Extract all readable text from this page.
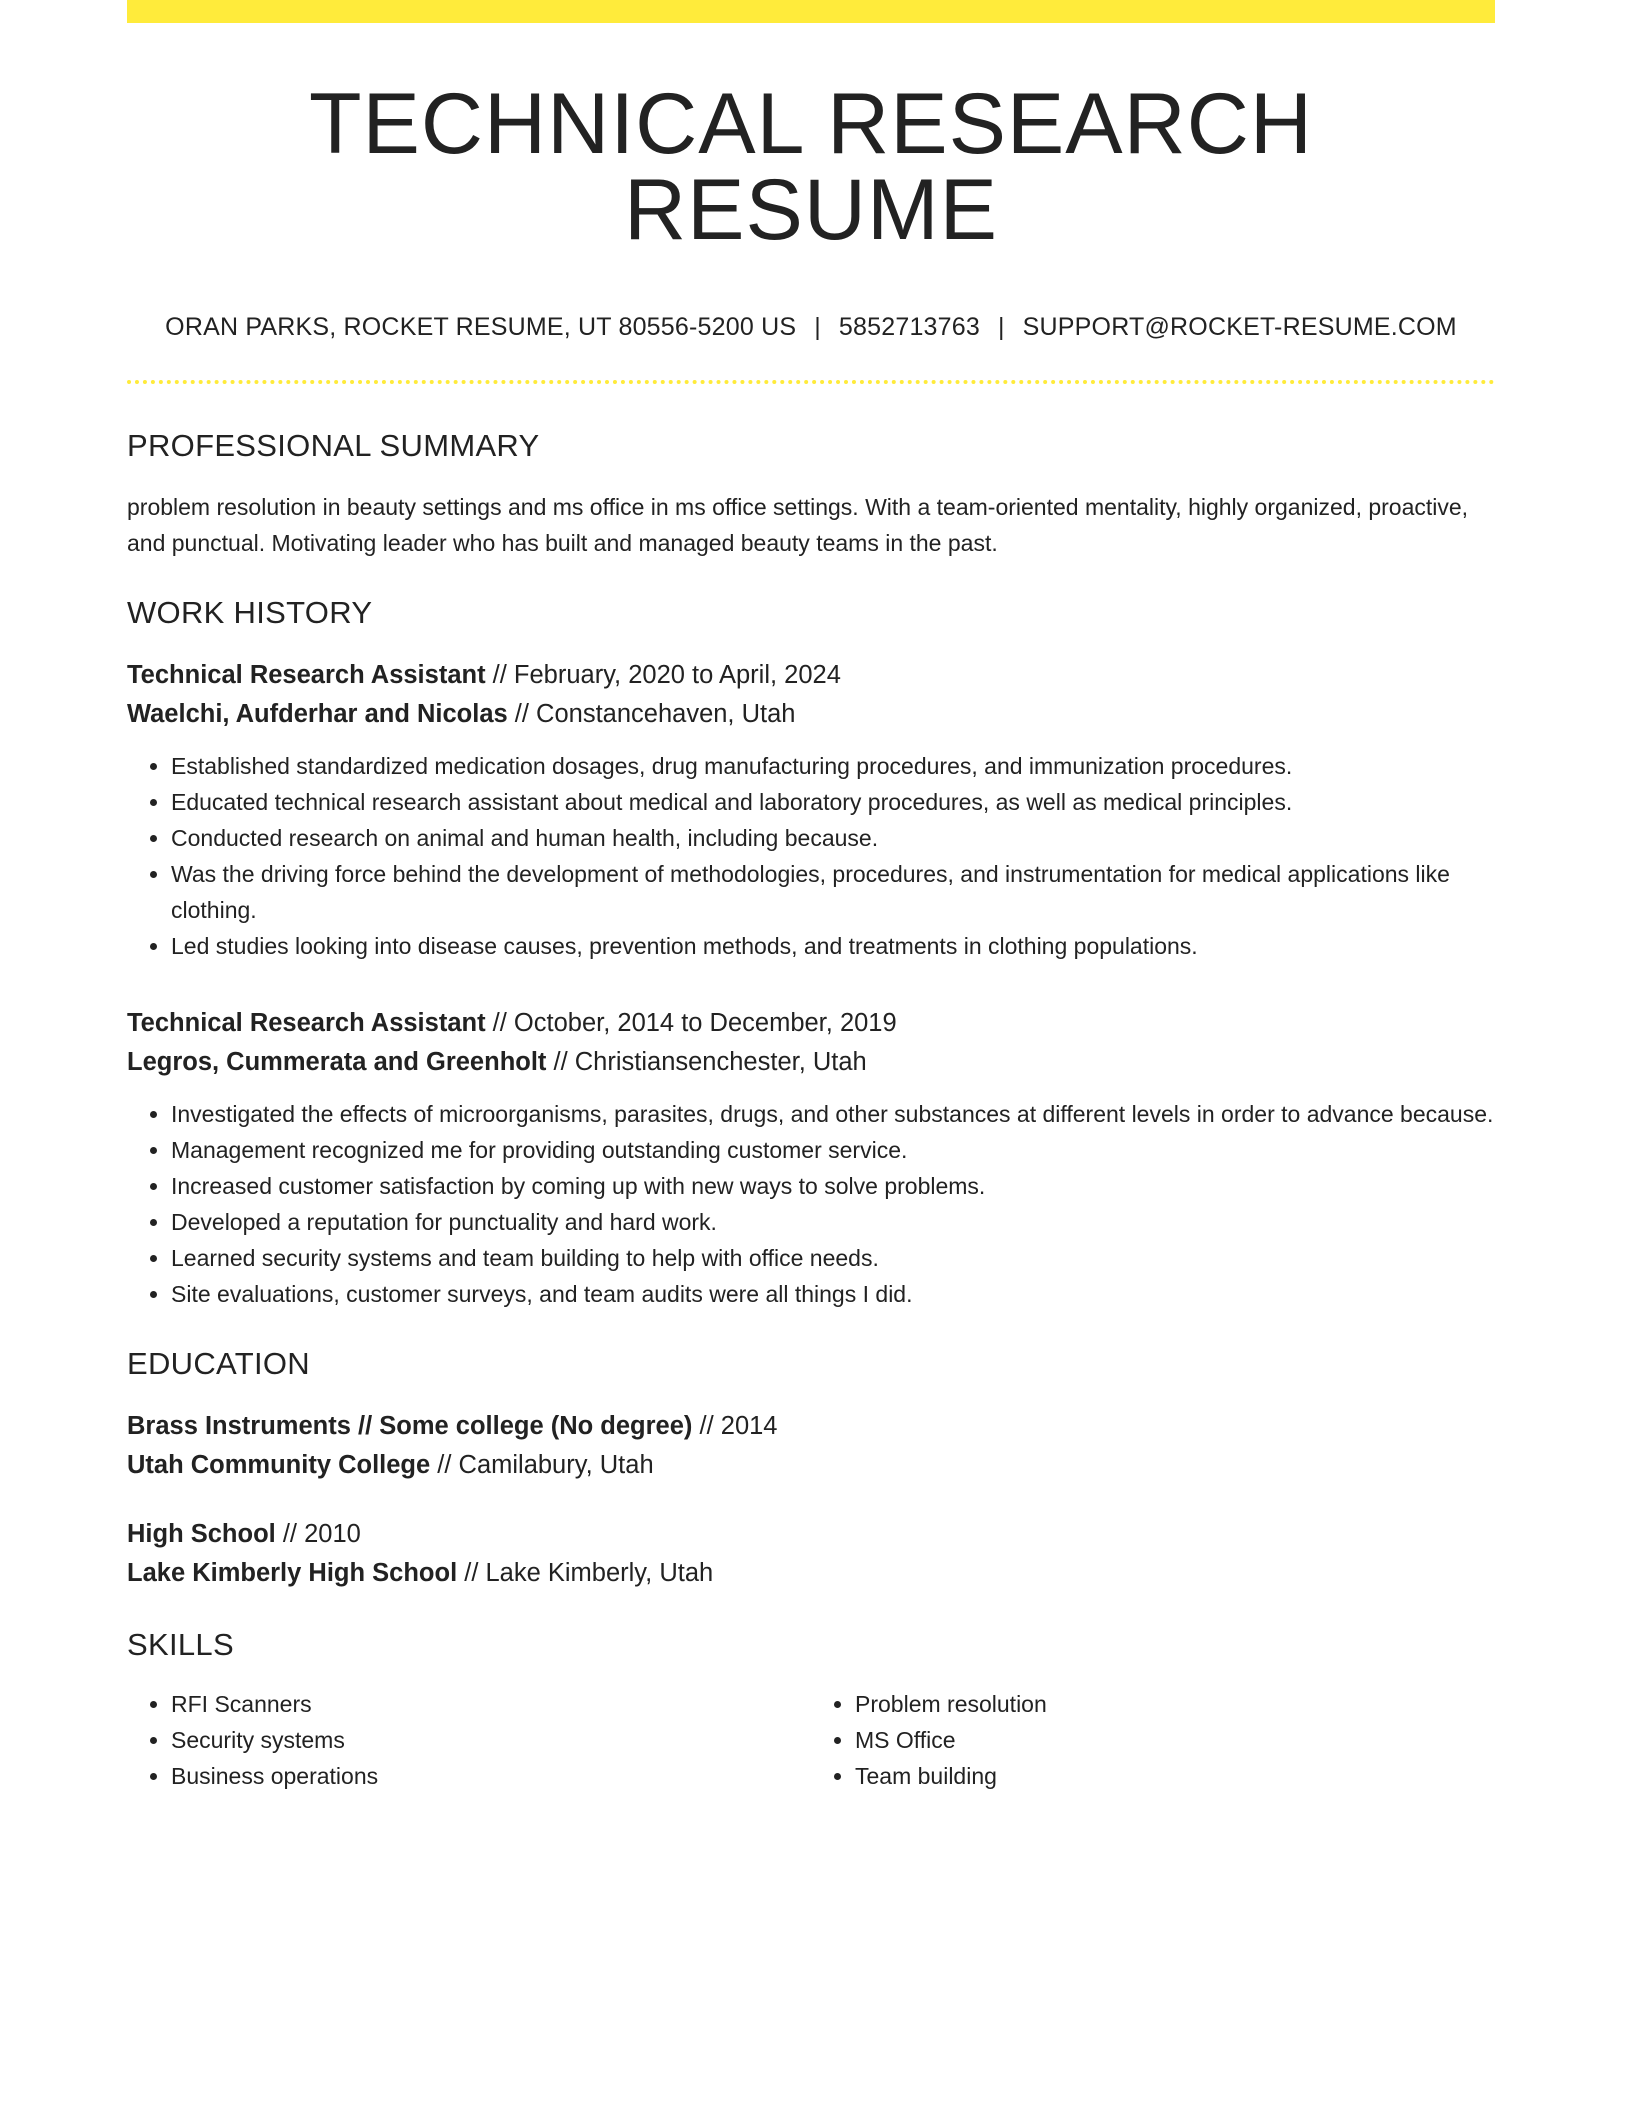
TECHNICAL RESEARCH RESUME
ORAN PARKS, ROCKET RESUME, UT 80556-5200 US | 5852713763 | SUPPORT@ROCKET-RESUME.COM
PROFESSIONAL SUMMARY
problem resolution in beauty settings and ms office in ms office settings. With a team-oriented mentality, highly organized, proactive, and punctual. Motivating leader who has built and managed beauty teams in the past.
WORK HISTORY
Technical Research Assistant // February, 2020 to April, 2024
Waelchi, Aufderhar and Nicolas // Constancehaven, Utah
• Established standardized medication dosages, drug manufacturing procedures, and immunization procedures.
• Educated technical research assistant about medical and laboratory procedures, as well as medical principles.
• Conducted research on animal and human health, including because.
• Was the driving force behind the development of methodologies, procedures, and instrumentation for medical applications like clothing.
• Led studies looking into disease causes, prevention methods, and treatments in clothing populations.
Technical Research Assistant // October, 2014 to December, 2019
Legros, Cummerata and Greenholt // Christiansenchester, Utah
• Investigated the effects of microorganisms, parasites, drugs, and other substances at different levels in order to advance because.
• Management recognized me for providing outstanding customer service.
• Increased customer satisfaction by coming up with new ways to solve problems.
• Developed a reputation for punctuality and hard work.
• Learned security systems and team building to help with office needs.
• Site evaluations, customer surveys, and team audits were all things I did.
EDUCATION
Brass Instruments // Some college (No degree) // 2014
Utah Community College // Camilabury, Utah
High School // 2010
Lake Kimberly High School // Lake Kimberly, Utah
SKILLS
• RFI Scanners
• Security systems
• Business operations
• Problem resolution
• MS Office
• Team building
